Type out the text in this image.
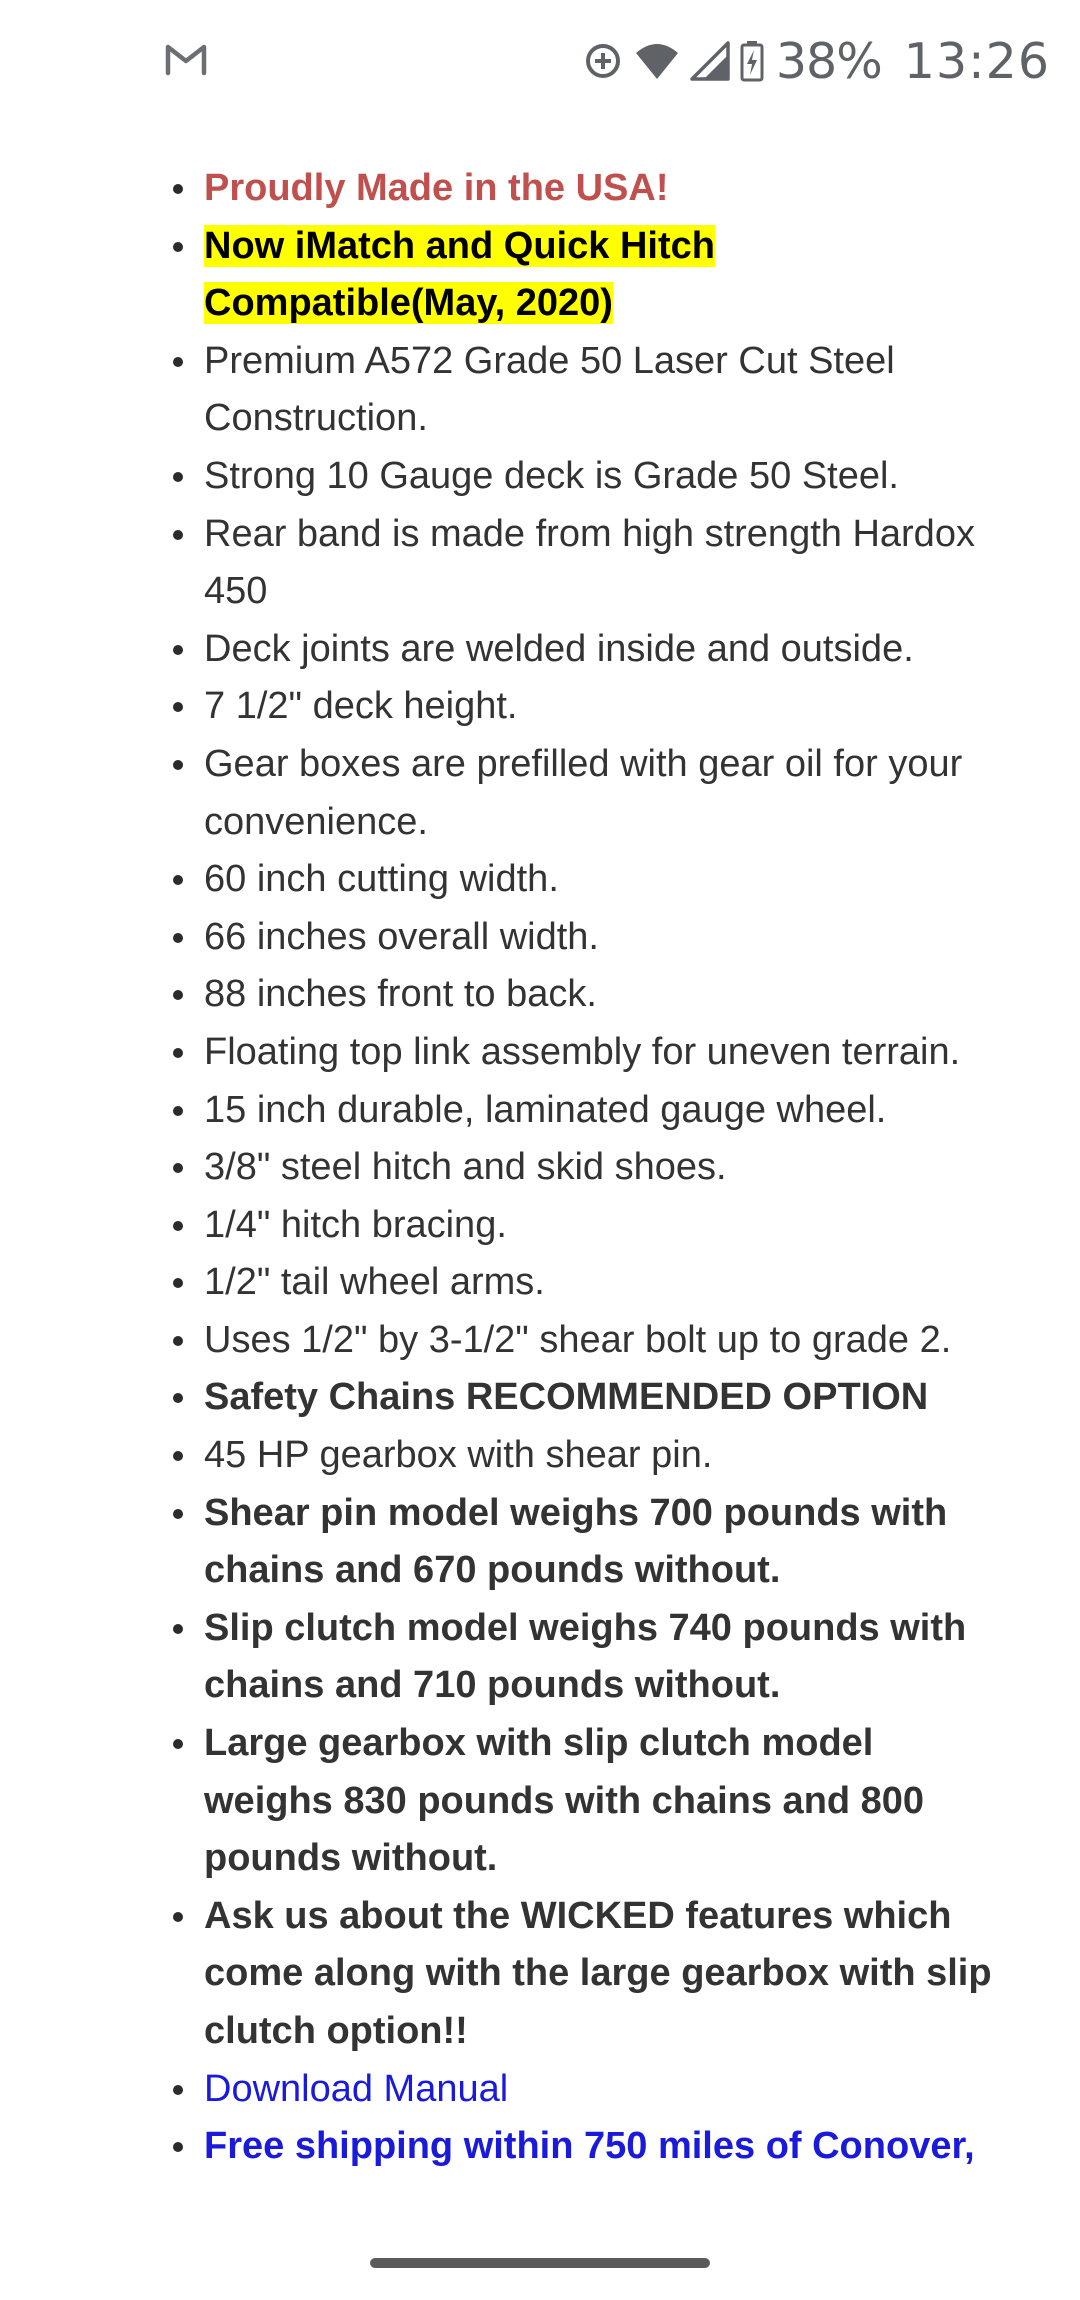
38% 13:26
Proudly Made in the USA!
Now iMatch and Quick Hitch Compatible(May, 2020)
Premium A572 Grade 50 Laser Cut Steel Construction.
Strong 10 Gauge deck is Grade 50 Steel.
Rear band is made from high strength Hardox 450
Deck joints are welded inside and outside.
7 1/2" deck height.
Gear boxes are prefilled with gear oil for your convenience.
60 inch cutting width.
66 inches overall width.
88 inches front to back.
Floating top link assembly for uneven terrain.
15 inch durable, laminated gauge wheel.
3/8" steel hitch and skid shoes.
1/4" hitch bracing.
1/2" tail wheel arms.
Uses 1/2" by 3-1/2" shear bolt up to grade 2.
Safety Chains RECOMMENDED OPTION
45 HP gearbox with shear pin.
Shear pin model weighs 700 pounds with chains and 670 pounds without.
Slip clutch model weighs 740 pounds with chains and 710 pounds without.
Large gearbox with slip clutch model weighs 830 pounds with chains and 800 pounds without.
Ask us about the WICKED features which come along with the large gearbox with slip clutch option!!
Download Manual
Free shipping within 750 miles of Conover,
